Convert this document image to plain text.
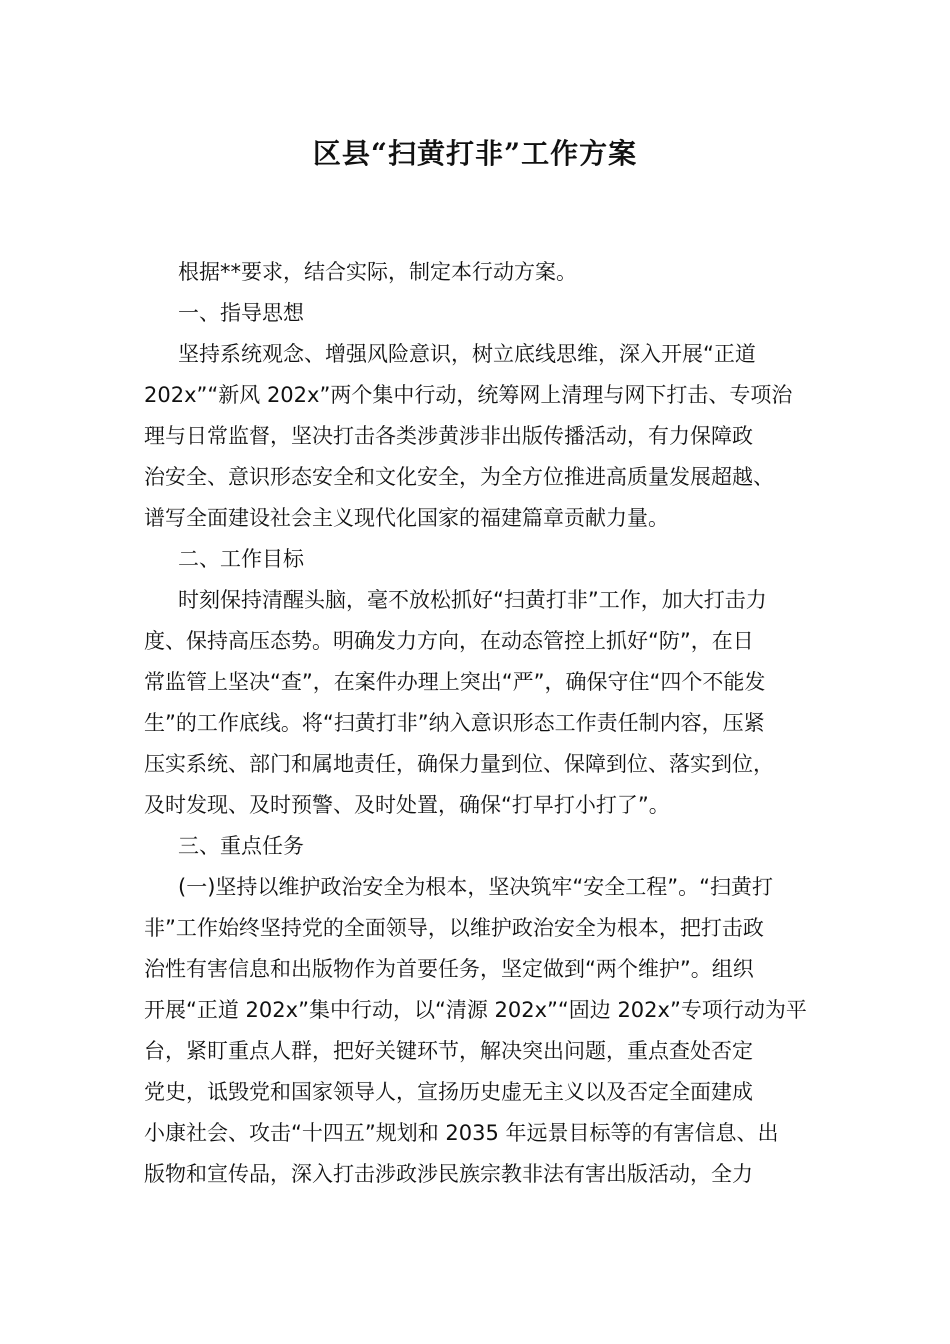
区县“扫黄打非”工作方案
根据**要求，结合实际，制定本行动方案。
一、指导思想
坚持系统观念、增强风险意识，树立底线思维，深入开展“正道
202x”“新风 202x”两个集中行动，统筹网上清理与网下打击、专项治
理与日常监督，坚决打击各类涉黄涉非出版传播活动，有力保障政
治安全、意识形态安全和文化安全，为全方位推进高质量发展超越、
谱写全面建设社会主义现代化国家的福建篇章贡献力量。
二、工作目标
时刻保持清醒头脑，毫不放松抓好“扫黄打非”工作，加大打击力
度、保持高压态势。明确发力方向，在动态管控上抓好“防”，在日
常监管上坚决“查”，在案件办理上突出“严”，确保守住“四个不能发
生”的工作底线。将“扫黄打非”纳入意识形态工作责任制内容，压紧
压实系统、部门和属地责任，确保力量到位、保障到位、落实到位，
及时发现、及时预警、及时处置，确保“打早打小打了”。
三、重点任务
(一)坚持以维护政治安全为根本，坚决筑牢“安全工程”。“扫黄打
非”工作始终坚持党的全面领导，以维护政治安全为根本，把打击政
治性有害信息和出版物作为首要任务，坚定做到“两个维护”。组织
开展“正道 202x”集中行动，以“清源 202x”“固边 202x”专项行动为平
台，紧盯重点人群，把好关键环节，解决突出问题，重点查处否定
党史，诋毁党和国家领导人，宣扬历史虚无主义以及否定全面建成
小康社会、攻击“十四五”规划和 2035 年远景目标等的有害信息、出
版物和宣传品，深入打击涉政涉民族宗教非法有害出版活动，全力
